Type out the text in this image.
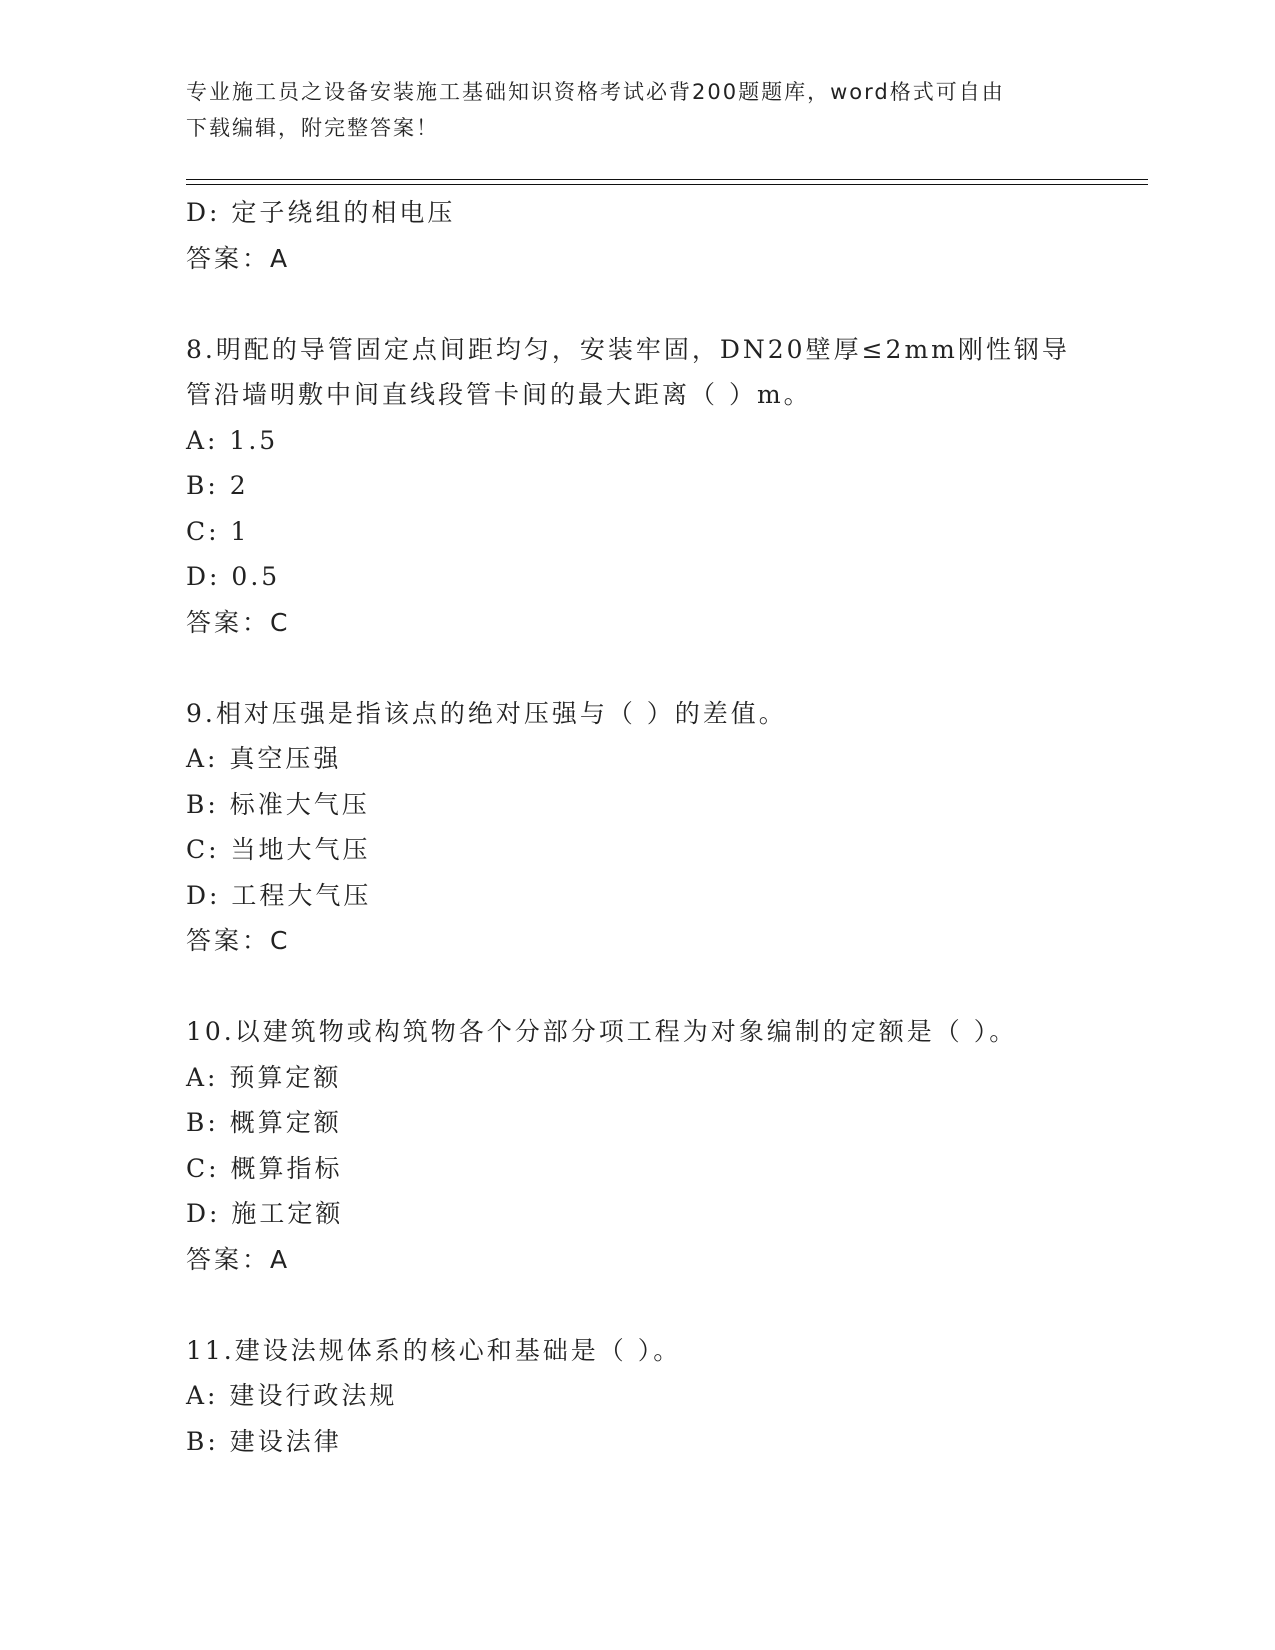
专业施工员之设备安装施工基础知识资格考试必背200题题库，word格式可自由
下载编辑，附完整答案！
D: 定子绕组的相电压
答案：A
8.明配的导管固定点间距均匀，安装牢固，DN20壁厚≤2mm刚性钢导
管沿墙明敷中间直线段管卡间的最大距离（ ）m。
A: 1.5
B: 2
C: 1
D: 0.5
答案：C
9.相对压强是指该点的绝对压强与（ ）的差值。
A: 真空压强
B: 标准大气压
C: 当地大气压
D: 工程大气压
答案：C
10.以建筑物或构筑物各个分部分项工程为对象编制的定额是（ ）。
A: 预算定额
B: 概算定额
C: 概算指标
D: 施工定额
答案：A
11.建设法规体系的核心和基础是（ ）。
A: 建设行政法规
B: 建设法律
